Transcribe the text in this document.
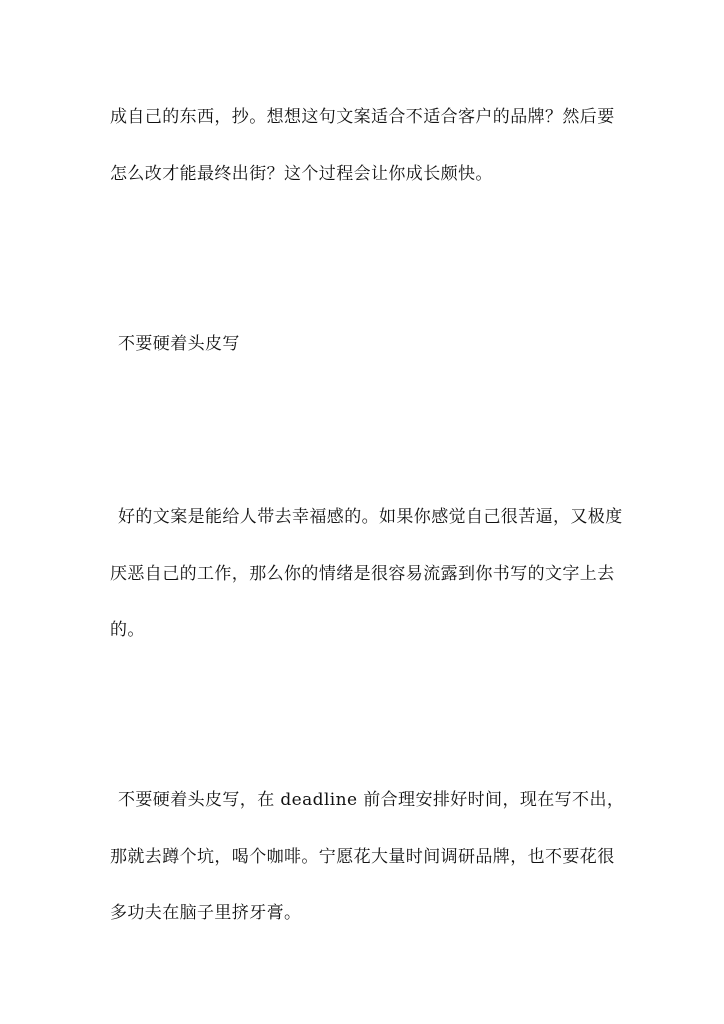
成自己的东西，抄。想想这句文案适合不适合客户的品牌？然后要
怎么改才能最终出街？这个过程会让你成长颇快。
不要硬着头皮写
好的文案是能给人带去幸福感的。如果你感觉自己很苦逼，又极度
厌恶自己的工作，那么你的情绪是很容易流露到你书写的文字上去
的。
不要硬着头皮写，在 deadline 前合理安排好时间，现在写不出，
那就去蹲个坑，喝个咖啡。宁愿花大量时间调研品牌，也不要花很
多功夫在脑子里挤牙膏。
